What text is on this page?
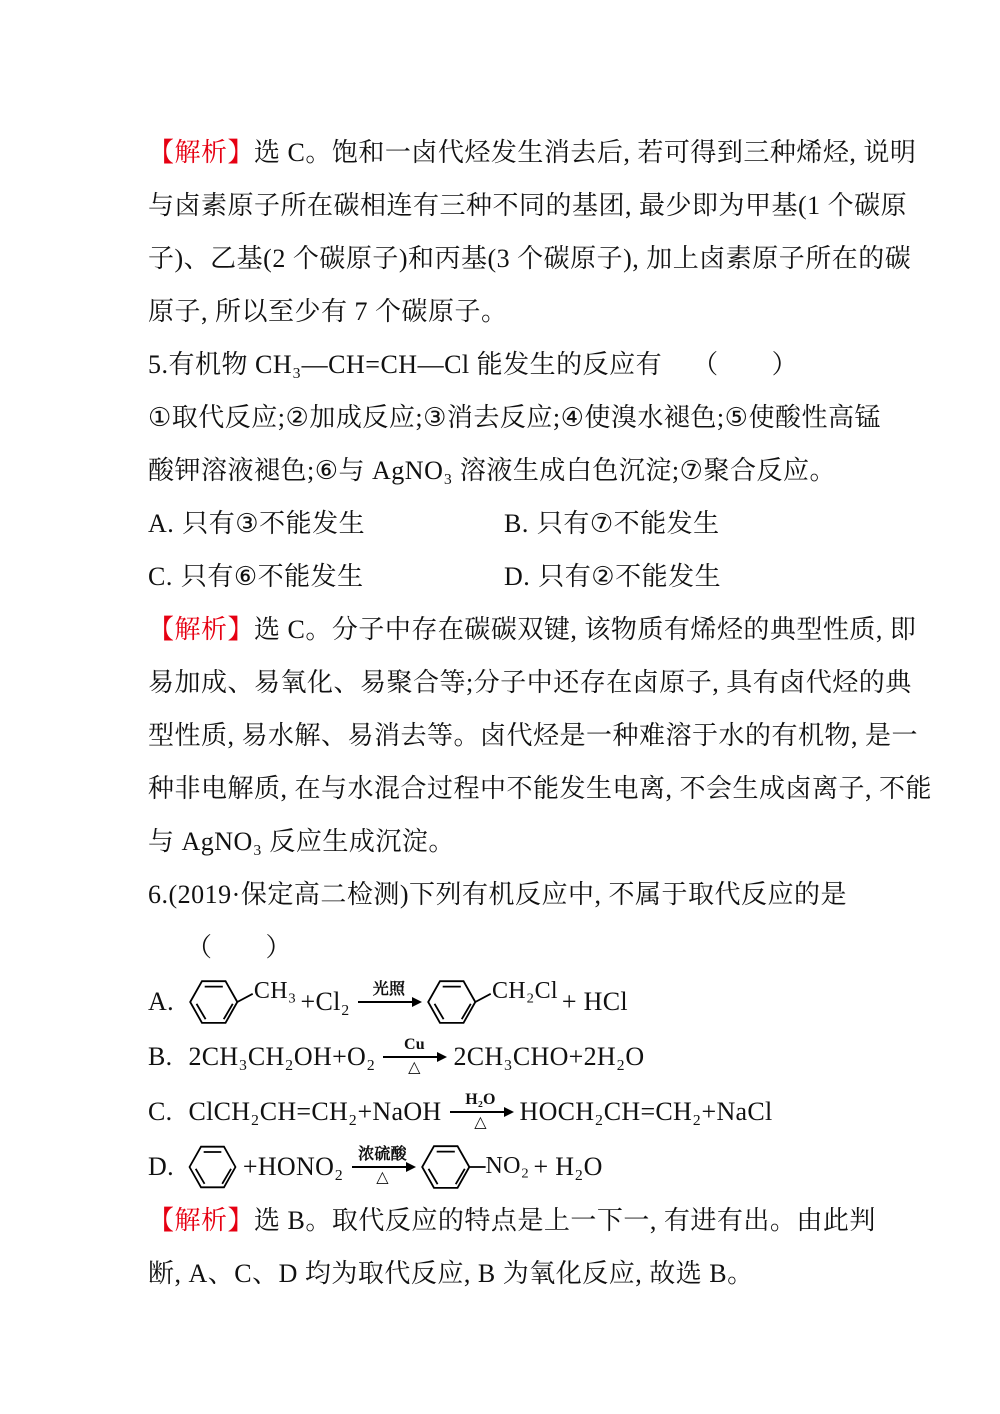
【解析】选 C。饱和一卤代烃发生消去后, 若可得到三种烯烃, 说明
与卤素原子所在碳相连有三种不同的基团, 最少即为甲基(1 个碳原
子)、乙基(2 个碳原子)和丙基(3 个碳原子), 加上卤素原子所在的碳
原子, 所以至少有 7 个碳原子。
5.有机物 CH₃—CH=CH—Cl 能发生的反应有 （　　）
①取代反应;②加成反应;③消去反应;④使溴水褪色;⑤使酸性高锰
酸钾溶液褪色;⑥与 AgNO₃ 溶液生成白色沉淀;⑦聚合反应。
A. 只有③不能发生	B. 只有⑦不能发生
C. 只有⑥不能发生	D. 只有②不能发生
【解析】选 C。分子中存在碳碳双键, 该物质有烯烃的典型性质, 即
易加成、易氧化、易聚合等;分子中还存在卤原子, 具有卤代烃的典
型性质, 易水解、易消去等。卤代烃是一种难溶于水的有机物, 是一
种非电解质, 在与水混合过程中不能发生电离, 不会生成卤离子, 不能
与 AgNO₃ 反应生成沉淀。
6.(2019·保定高二检测)下列有机反应中, 不属于取代反应的是
（　　）
A.	CH₃ +Cl₂ 光照	CH₂Cl + HCl
B. 2CH₃CH₂OH+O₂ Cu
△ 2CH₃CHO+2H₂O
C. ClCH₂CH=CH₂+NaOH H₂O
△ HOCH₂CH=CH₂+NaCl
D.	+HONO₂ 浓硫酸
△	NO₂ + H₂O
【解析】选 B。取代反应的特点是上一下一, 有进有出。由此判
断, A、C、D 均为取代反应, B 为氧化反应, 故选 B。
